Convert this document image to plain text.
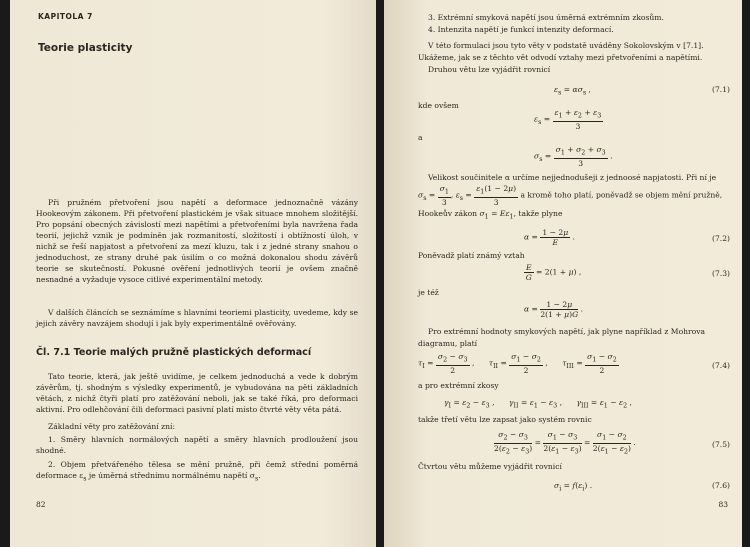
KAPITOLA 7
Teorie plasticity

Při pružném přetvoření jsou napětí a deformace jednoznačně vázány Hookeovým zákonem. Při přetvoření plastickém je však situace mnohem složitější. Pro popsání obecných závislostí mezi napětími a přetvořeními byla navržena řada teorií, jejichž vznik je podmíněn jak rozmanitostí, složitostí i obtížností úloh, v nichž se řeší napjatost a přetvoření za mezí kluzu, tak i z jedné strany snahou o jednoduchost, ze strany druhé pak úsilím o co možná dokonalou shodu závěrů teorie se skutečností. Pokusné ověření jednotlivých teorií je ovšem značně nesnadné a vyžaduje vysoce citlivé experimentální metody.

V dalších článcích se seznámíme s hlavními teoriemi plasticity, uvedeme, kdy se jejich závěry navzájem shodují i jak byly experimentálně ověřovány.

Čl. 7.1 Teorie malých pružně plastických deformací

Tato teorie, která, jak ještě uvidíme, je celkem jednoduchá a vede k dobrým závěrům, tj. shodným s výsledky experimentů, je vybudována na pěti základních větách, z nichž čtyři platí pro zatěžování neboli, jak se také říká, pro deformaci aktivní. Pro odlehčování čili deformaci pasivní platí místo čtvrté věty věta pátá.

Základní věty pro zatěžování zní:

1. Směry hlavních normálových napětí a směry hlavních prodloužení jsou shodné.

2. Objem přetvářeného tělesa se mění pružně, při čemž střední poměrná deformace $\varepsilon_s$ je úměrná střednímu normálnému napětí $\sigma_s$.

82

3. Extrémní smyková napětí jsou úměrná extrémním zkosům.

4. Intenzita napětí je funkcí intenzity deformací.

V této formulaci jsou tyto věty v podstatě uváděny Sokolovským v [7.1].

Ukážeme, jak se z těchto vět odvodí vztahy mezi přetvořeními a napětími.

Druhou větu lze vyjádřit rovnicí

$\varepsilon_s = \alpha\sigma_s$ ,	(7.1)

kde ovšem

$\varepsilon_s = \frac{\varepsilon_1 + \varepsilon_2 + \varepsilon_3}{3}$

a

$\sigma_s = \frac{\sigma_1 + \sigma_2 + \sigma_3}{3}$ .

Velikost součinitele α určíme nejjednodušeji z jednoosé napjatosti. Při ní je

$\sigma_s = \frac{\sigma_1}{3}$ , $\varepsilon_s = \frac{\varepsilon_1(1 - 2\mu)}{3}$ a kromě toho platí, poněvadž se objem mění pružně,
Hookeův zákon $\sigma_1 = E\varepsilon_1$, takže plyne
$\alpha = \frac{1 - 2\mu}{E}$ .	(7.2)

Poněvadž platí známý vztah

$\frac{E}{G} = 2(1 + \mu)$ ,	(7.3)

je též

$\alpha = \frac{1 - 2\mu}{2(1 + \mu)G}$ .

Pro extrémní hodnoty smykových napětí, jak plyne například z Mohrova

diagramu, platí

$\tau_I = \frac{\sigma_2 - \sigma_3}{2}$ ,      $\tau_{II} = \frac{\sigma_1 - \sigma_2}{2}$ ,      $\tau_{III} = \frac{\sigma_1 - \sigma_2}{2}$	(7.4)

a pro extrémní zkosy

$\gamma_I = \varepsilon_2 - \varepsilon_3$ ,      $\gamma_{II} = \varepsilon_1 - \varepsilon_3$ ,      $\gamma_{III} = \varepsilon_1 - \varepsilon_2$ ,

takže třetí větu lze zapsat jako systém rovnic

$\frac{\sigma_2 - \sigma_3}{2(\varepsilon_2 - \varepsilon_3)} = \frac{\sigma_1 - \sigma_3}{2(\varepsilon_1 - \varepsilon_3)} = \frac{\sigma_1 - \sigma_2}{2(\varepsilon_1 - \varepsilon_2)}$ .	(7.5)

Čtvrtou větu můžeme vyjádřit rovnicí

$\sigma_i = f(\varepsilon_i)$ .	(7.6)
83
